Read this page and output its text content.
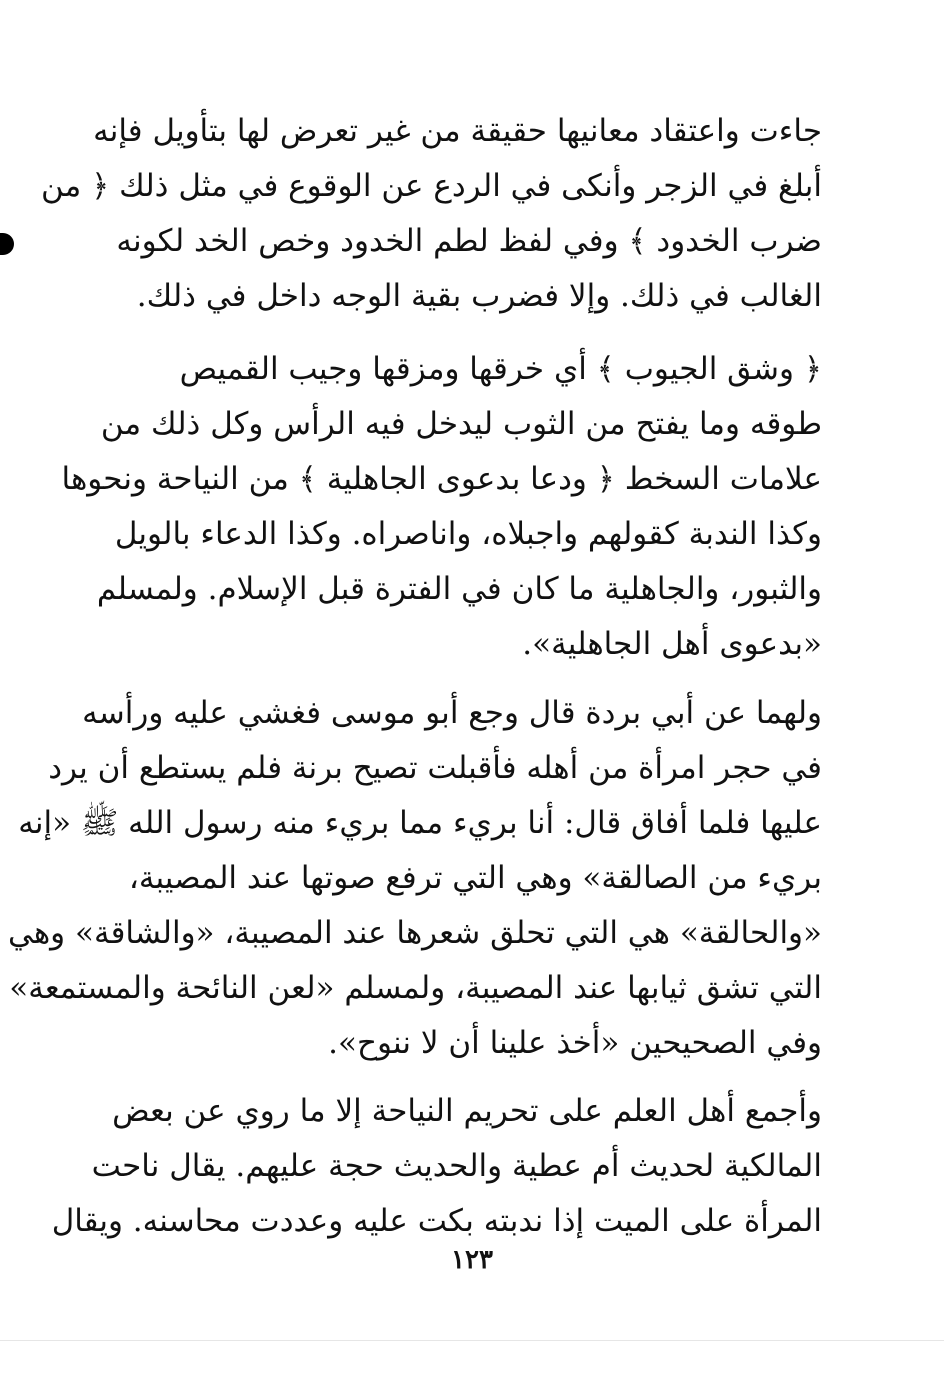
جاءت واعتقاد معانيها حقيقة من غير تعرض لها بتأويل فإنه
أبلغ في الزجر وأنكى في الردع عن الوقوع في مثل ذلك ﴿ من
ضرب الخدود ﴾ وفي لفظ لطم الخدود وخص الخد لكونه
الغالب في ذلك. وإلا فضرب بقية الوجه داخل في ذلك.
﴿ وشق الجيوب ﴾ أي خرقها ومزقها وجيب القميص
طوقه وما يفتح من الثوب ليدخل فيه الرأس وكل ذلك من
علامات السخط ﴿ ودعا بدعوى الجاهلية ﴾ من النياحة ونحوها
وكذا الندبة كقولهم واجبلاه، واناصراه. وكذا الدعاء بالويل
والثبور، والجاهلية ما كان في الفترة قبل الإسلام. ولمسلم
«بدعوى أهل الجاهلية».
ولهما عن أبي بردة قال وجع أبو موسى فغشي عليه ورأسه
في حجر امرأة من أهله فأقبلت تصيح برنة فلم يستطع أن يرد
عليها فلما أفاق قال: أنا بريء مما بريء منه رسول الله ﷺ «إنه
بريء من الصالقة» وهي التي ترفع صوتها عند المصيبة،
«والحالقة» هي التي تحلق شعرها عند المصيبة، «والشاقة» وهي
التي تشق ثيابها عند المصيبة، ولمسلم «لعن النائحة والمستمعة»
وفي الصحيحين «أخذ علينا أن لا ننوح».
وأجمع أهل العلم على تحريم النياحة إلا ما روي عن بعض
المالكية لحديث أم عطية والحديث حجة عليهم. يقال ناحت
المرأة على الميت إذا ندبته بكت عليه وعددت محاسنه. ويقال
١٢٣
